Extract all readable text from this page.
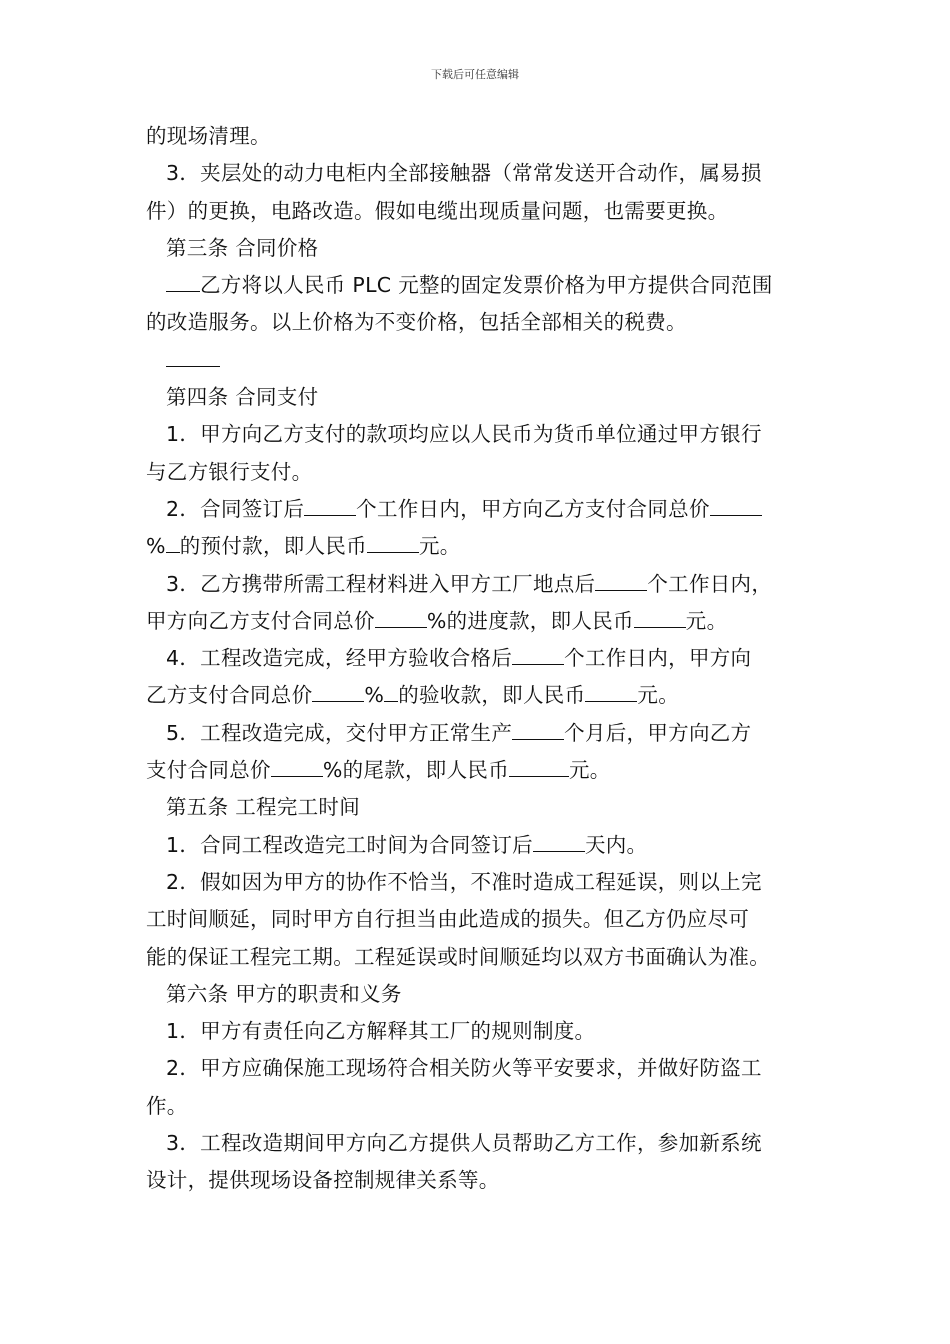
下载后可任意编辑
的现场清理。
3．夹层处的动力电柜内全部接触器（常常发送开合动作，属易损
件）的更换，电路改造。假如电缆出现质量问题，也需要更换。
第三条 合同价格
乙方将以人民币 PLC 元整的固定发票价格为甲方提供合同范围
的改造服务。以上价格为不变价格，包括全部相关的税费。
第四条 合同支付
1．甲方向乙方支付的款项均应以人民币为货币单位通过甲方银行
与乙方银行支付。
2．合同签订后	个工作日内，甲方向乙方支付合同总价
% 的预付款，即人民币	元。
3．乙方携带所需工程材料进入甲方工厂地点后	个工作日内，
甲方向乙方支付合同总价	%的进度款，即人民币	元。
4．工程改造完成，经甲方验收合格后	个工作日内，甲方向
乙方支付合同总价	% 的验收款，即人民币	元。
5．工程改造完成，交付甲方正常生产	个月后，甲方向乙方
支付合同总价	%的尾款，即人民币	元。
第五条 工程完工时间
1．合同工程改造完工时间为合同签订后	天内。
2．假如因为甲方的协作不恰当，不准时造成工程延误，则以上完
工时间顺延，同时甲方自行担当由此造成的损失。但乙方仍应尽可
能的保证工程完工期。工程延误或时间顺延均以双方书面确认为准。
第六条 甲方的职责和义务
1．甲方有责任向乙方解释其工厂的规则制度。
2．甲方应确保施工现场符合相关防火等平安要求，并做好防盗工
作。
3．工程改造期间甲方向乙方提供人员帮助乙方工作，参加新系统
设计，提供现场设备控制规律关系等。
